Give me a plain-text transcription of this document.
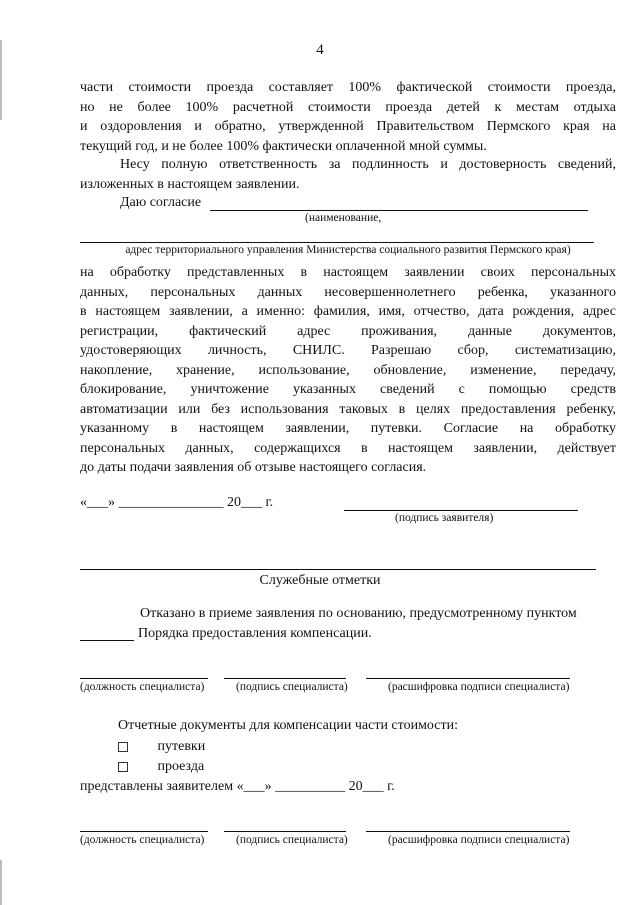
4
части стоимости проезда составляет 100% фактической стоимости проезда,
но не более 100% расчетной стоимости проезда детей к местам отдыха
и оздоровления и обратно, утвержденной Правительством Пермского края на
текущий год, и не более 100% фактически оплаченной мной суммы.
Несу полную ответственность за подлинность и достоверность сведений,
изложенных в настоящем заявлении.
Даю согласие
(наименование,
адрес территориального управления Министерства социального развития Пермского края)
на обработку представленных в настоящем заявлении своих персональных
данных, персональных данных несовершеннолетнего ребенка, указанного
в настоящем заявлении, а именно: фамилия, имя, отчество, дата рождения, адрес
регистрации, фактический адрес проживания, данные документов,
удостоверяющих личность, СНИЛС. Разрешаю сбор, систематизацию,
накопление, хранение, использование, обновление, изменение, передачу,
блокирование, уничтожение указанных сведений с помощью средств
автоматизации или без использования таковых в целях предоставления ребенку,
указанному в настоящем заявлении, путевки. Согласие на обработку
персональных данных, содержащихся в настоящем заявлении, действует
до даты подачи заявления об отзыве настоящего согласия.
«___» _______________ 20___ г.
(подпись заявителя)
Служебные отметки
Отказано в приеме заявления по основанию, предусмотренному пунктом
Порядка предоставления компенсации.
(должность специалиста)	(подпись специалиста)	(расшифровка подписи специалиста)
Отчетные документы для компенсации части стоимости:
путевки
проезда
представлены заявителем «___» __________ 20___ г.
(должность специалиста)	(подпись специалиста)	(расшифровка подписи специалиста)
